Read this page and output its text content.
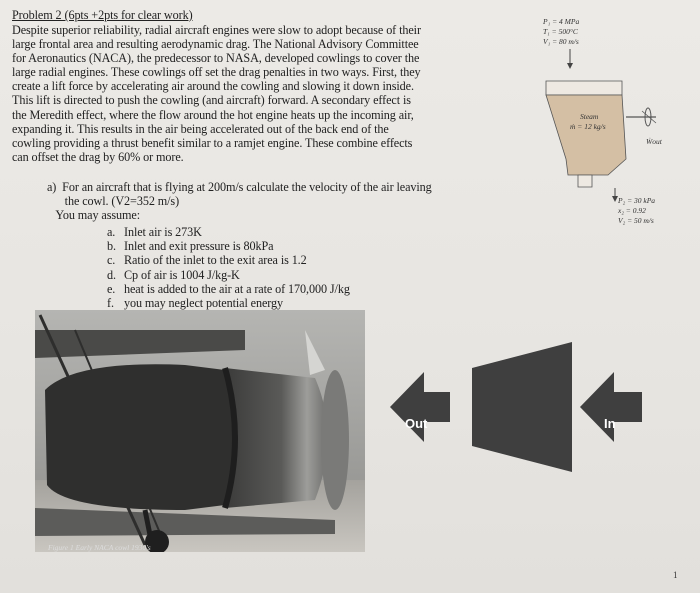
Problem 2 (6pts +2pts for clear work)
Despite superior reliability, radial aircraft engines were slow to adopt because of their
large frontal area and resulting aerodynamic drag. The National Advisory Committee
for Aeronautics (NACA), the predecessor to NASA, developed cowlings to cover the
large radial engines. These cowlings off set the drag penalties in two ways. First, they
create a lift force by accelerating air around the cowling and slowing it down inside.
This lift is directed to push the cowling (and aircraft) forward. A secondary effect is
the Meredith effect, where the flow around the hot engine heats up the incoming air,
expanding it. This results in the air being accelerated out of the back end of the
cowling providing a thrust benefit similar to a ramjet engine. These combine effects
can offset the drag by 60% or more.
a)  For an aircraft that is flying at 200m/s calculate the velocity of the air leaving
the cowl. (V2=352 m/s)
You may assume:
a. Inlet air is 273K
b. Inlet and exit pressure is 80kPa
c. Ratio of the inlet to the exit area is 1.2
d. Cp of air is 1004 J/kg-K
e. heat is added to the air at a rate of 170,000 J/kg
f. you may neglect potential energy
P₁ = 4 MPa
T₁ = 500°C
V₁ = 80 m/s
Steam
ṁ = 12 kg/s
Ẇout
P₂ = 30 kPa
x₂ = 0.92
V₂ = 50 m/s
Figure 1 Early NACA cowl 1930's
Out	In
1
